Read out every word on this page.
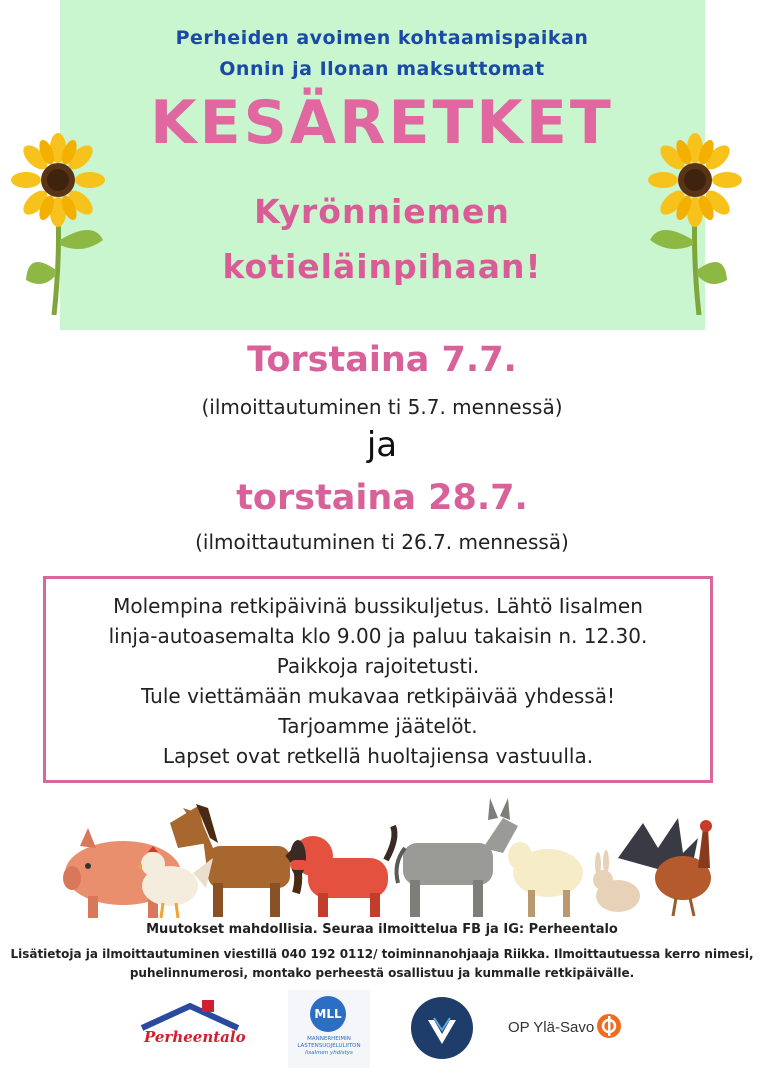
Perheiden avoimen kohtaamispaikan
Onnin ja Ilonan maksuttomat
KESÄRETKET
Kyrönniemen
kotieläinpihaan!
Torstaina 7.7.
(ilmoittautuminen ti 5.7. mennessä)
ja
torstaina 28.7.
(ilmoittautuminen ti 26.7. mennessä)
Molempina retkipäivinä bussikuljetus. Lähtö Iisalmen
linja-autoasemalta klo 9.00 ja paluu takaisin n. 12.30.
Paikkoja rajoitetusti.
Tule viettämään mukavaa retkipäivää yhdessä!
Tarjoamme jäätelöt.
Lapset ovat retkellä huoltajiensa vastuulla.
Muutokset mahdollisia. Seuraa ilmoittelua FB ja IG: Perheentalo
Lisätietoja ja ilmoittautuminen viestillä 040 192 0112/ toiminnanohjaaja Riikka. Ilmoittautuessa kerro nimesi,
puhelinnumerosi, montako perheestä osallistuu ja kummalle retkipäivälle.
Perheentalo
MLL
MANNERHEIMIN
LASTENSUOJELULIITON
Iisalmen yhdistys
OP Ylä-Savo
